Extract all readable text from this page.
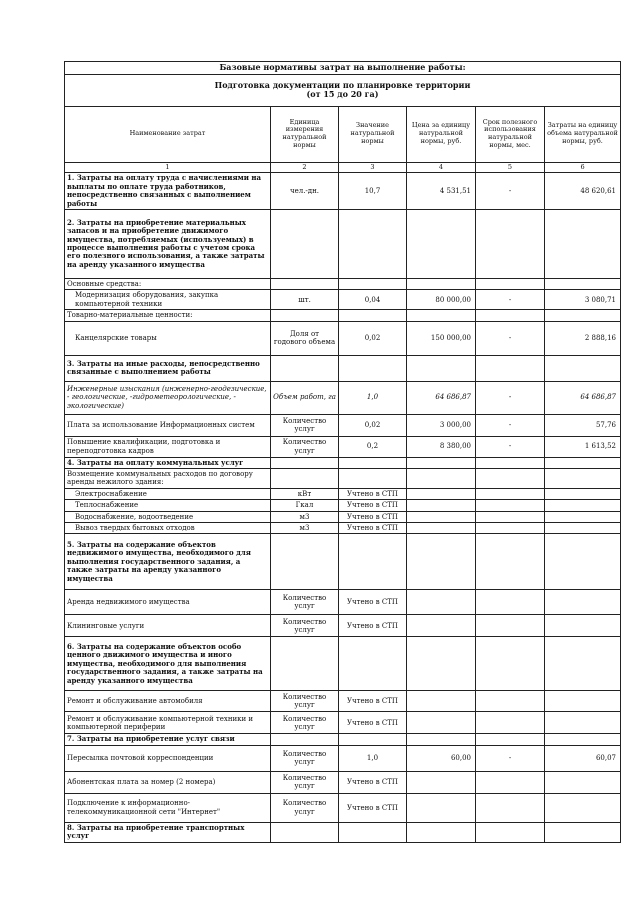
Базовые нормативы затрат на выполнение работы:					

Подготовка документации по планировке территории
(от 15 до 20 га)					

Наименование затрат	Единица измерения натуральной нормы	Значение натуральной нормы	Цена за единицу натуральной нормы, руб.	Срок полезного использования натуральной нормы, мес.	Затраты на единицу объема натуральной нормы, руб.
1	2	3	4	5	6
1. Затраты на оплату труда с начислениями на выплаты по оплате труда работников, непосредственно связанных с выполнением работы	чел.-дн.	10,7	4 531,51	-	48 620,61
2. Затраты на приобретение материальных запасов и на приобретение движимого имущества, потребляемых (используемых) в процессе выполнения работы с учетом срока его полезного использования, а также затраты на аренду указанного имущества					
Основные средства:					
Модернизация оборудования, закупка компьютерной техники	шт.	0,04	80 000,00	-	3 080,71
Товарно-материальные ценности:					
Канцелярские товары	Доля от годового объема	0,02	150 000,00	-	2 888,16
3. Затраты на иные расходы, непосредственно связанные с выполнением работы					
Инженерные изыскания (инженерно-геодезические, - геологические, -гидрометеорологические, - экологические)	Объем работ, га	1,0	64 686,87	-	64 686,87
Плата за использование Информационных систем	Количество услуг	0,02	3 000,00	-	57,76
Повышение квалификации, подготовка и переподготовка кадров	Количество услуг	0,2	8 380,00	-	1 613,52
4. Затраты на оплату коммунальных услуг					
Возмещение коммунальных расходов по договору аренды нежилого здания:					
Электроснабжение	кВт	Учтено в СТП			
Теплоснабжение	Гкал	Учтено в СТП			
Водоснабжение, водоотведение	м3	Учтено в СТП			
Вывоз твердых бытовых отходов	м3	Учтено в СТП			
5. Затраты на содержание объектов недвижимого имущества, необходимого для выполнения государственного задания, а также затраты на аренду указанного имущества					
Аренда недвижимого имущества	Количество услуг	Учтено в СТП			
Клининговые услуги	Количество услуг	Учтено в СТП			
6. Затраты на содержание объектов особо ценного движимого имущества и иного имущества, необходимого для выполнения государственного задания, а также затраты на аренду указанного имущества					
Ремонт и обслуживание автомобиля	Количество услуг	Учтено в СТП			
Ремонт и обслуживание компьютерной техники и компьютерной периферии	Количество услуг	Учтено в СТП			
7. Затраты на приобретение услуг связи					
Пересылка почтовой корреспонденции	Количество услуг	1,0	60,00	-	60,07
Абонентская плата за номер (2 номера)	Количество услуг	Учтено в СТП			
Подключение к информационно-телекоммуникационной сети "Интернет"	Количество услуг	Учтено в СТП			
8. Затраты на приобретение транспортных услуг					
